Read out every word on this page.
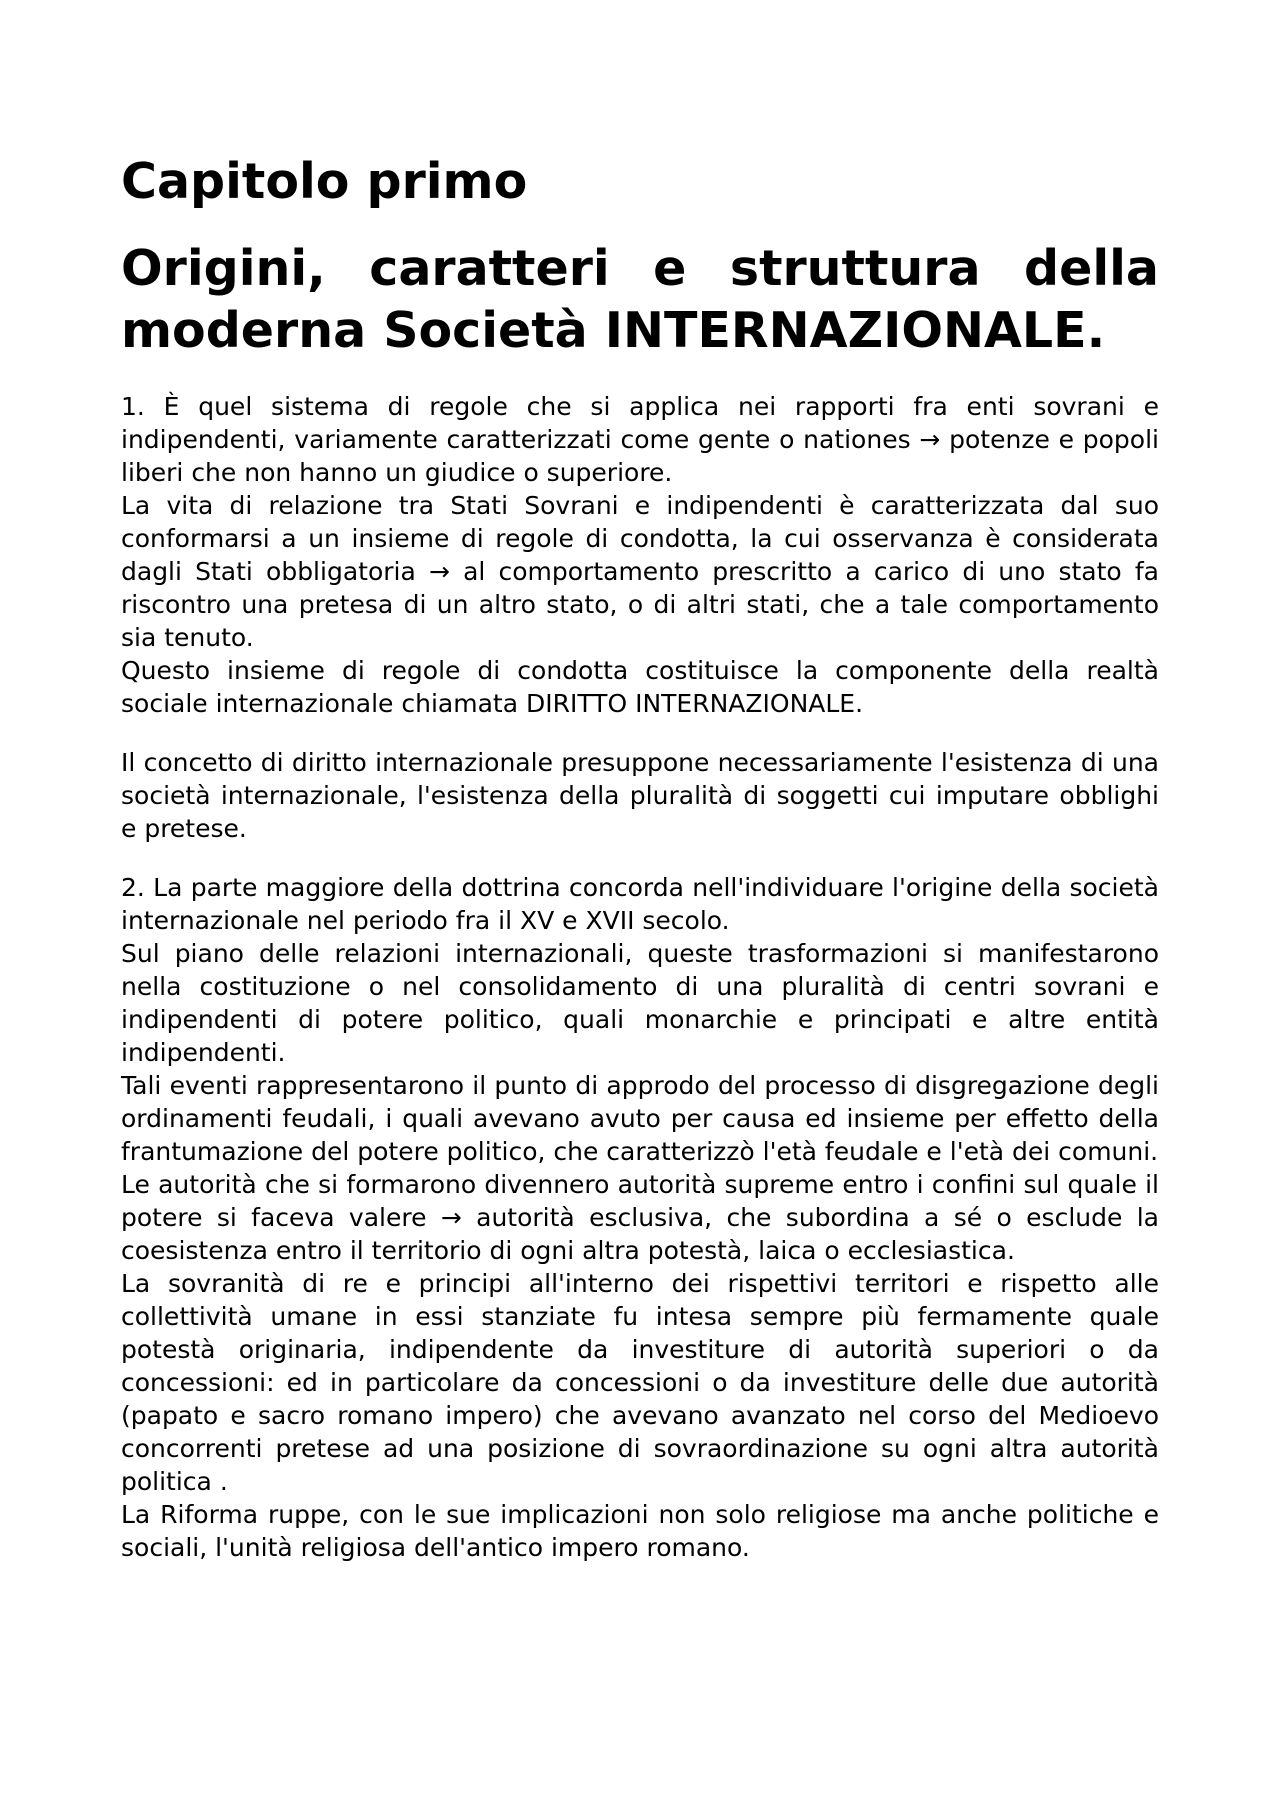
Capitolo primo
Origini, caratteri e struttura della moderna Società INTERNAZIONALE.

1. È quel sistema di regole che si applica nei rapporti fra enti sovrani e indipendenti, variamente caratterizzati come gente o nationes → potenze e popoli liberi che non hanno un giudice o superiore.

La vita di relazione tra Stati Sovrani e indipendenti è caratterizzata dal suo conformarsi a un insieme di regole di condotta, la cui osservanza è considerata dagli Stati obbligatoria → al comportamento prescritto a carico di uno stato fa riscontro una pretesa di un altro stato, o di altri stati, che a tale comportamento sia tenuto.

Questo insieme di regole di condotta costituisce la componente della realtà sociale internazionale chiamata DIRITTO INTERNAZIONALE.

Il concetto di diritto internazionale presuppone necessariamente l'esistenza di una società internazionale, l'esistenza della pluralità di soggetti cui imputare obblighi e pretese.

2. La parte maggiore della dottrina concorda nell'individuare l'origine della società internazionale nel periodo fra il XV e XVII secolo.

Sul piano delle relazioni internazionali, queste trasformazioni si manifestarono nella costituzione o nel consolidamento di una pluralità di centri sovrani e indipendenti di potere politico, quali monarchie e principati e altre entità indipendenti.

Tali eventi rappresentarono il punto di approdo del processo di disgregazione degli ordinamenti feudali, i quali avevano avuto per causa ed insieme per effetto della frantumazione del potere politico, che caratterizzò l'età feudale e l'età dei comuni.

Le autorità che si formarono divennero autorità supreme entro i confini sul quale il potere si faceva valere → autorità esclusiva, che subordina a sé o esclude la coesistenza entro il territorio di ogni altra potestà, laica o ecclesiastica.

La sovranità di re e principi all'interno dei rispettivi territori e rispetto alle collettività umane in essi stanziate fu intesa sempre più fermamente quale potestà originaria, indipendente da investiture di autorità superiori o da concessioni: ed in particolare da concessioni o da investiture delle due autorità (papato e sacro romano impero) che avevano avanzato nel corso del Medioevo concorrenti pretese ad una posizione di sovraordinazione su ogni altra autorità politica .

La Riforma ruppe, con le sue implicazioni non solo religiose ma anche politiche e sociali, l'unità religiosa dell'antico impero romano.
